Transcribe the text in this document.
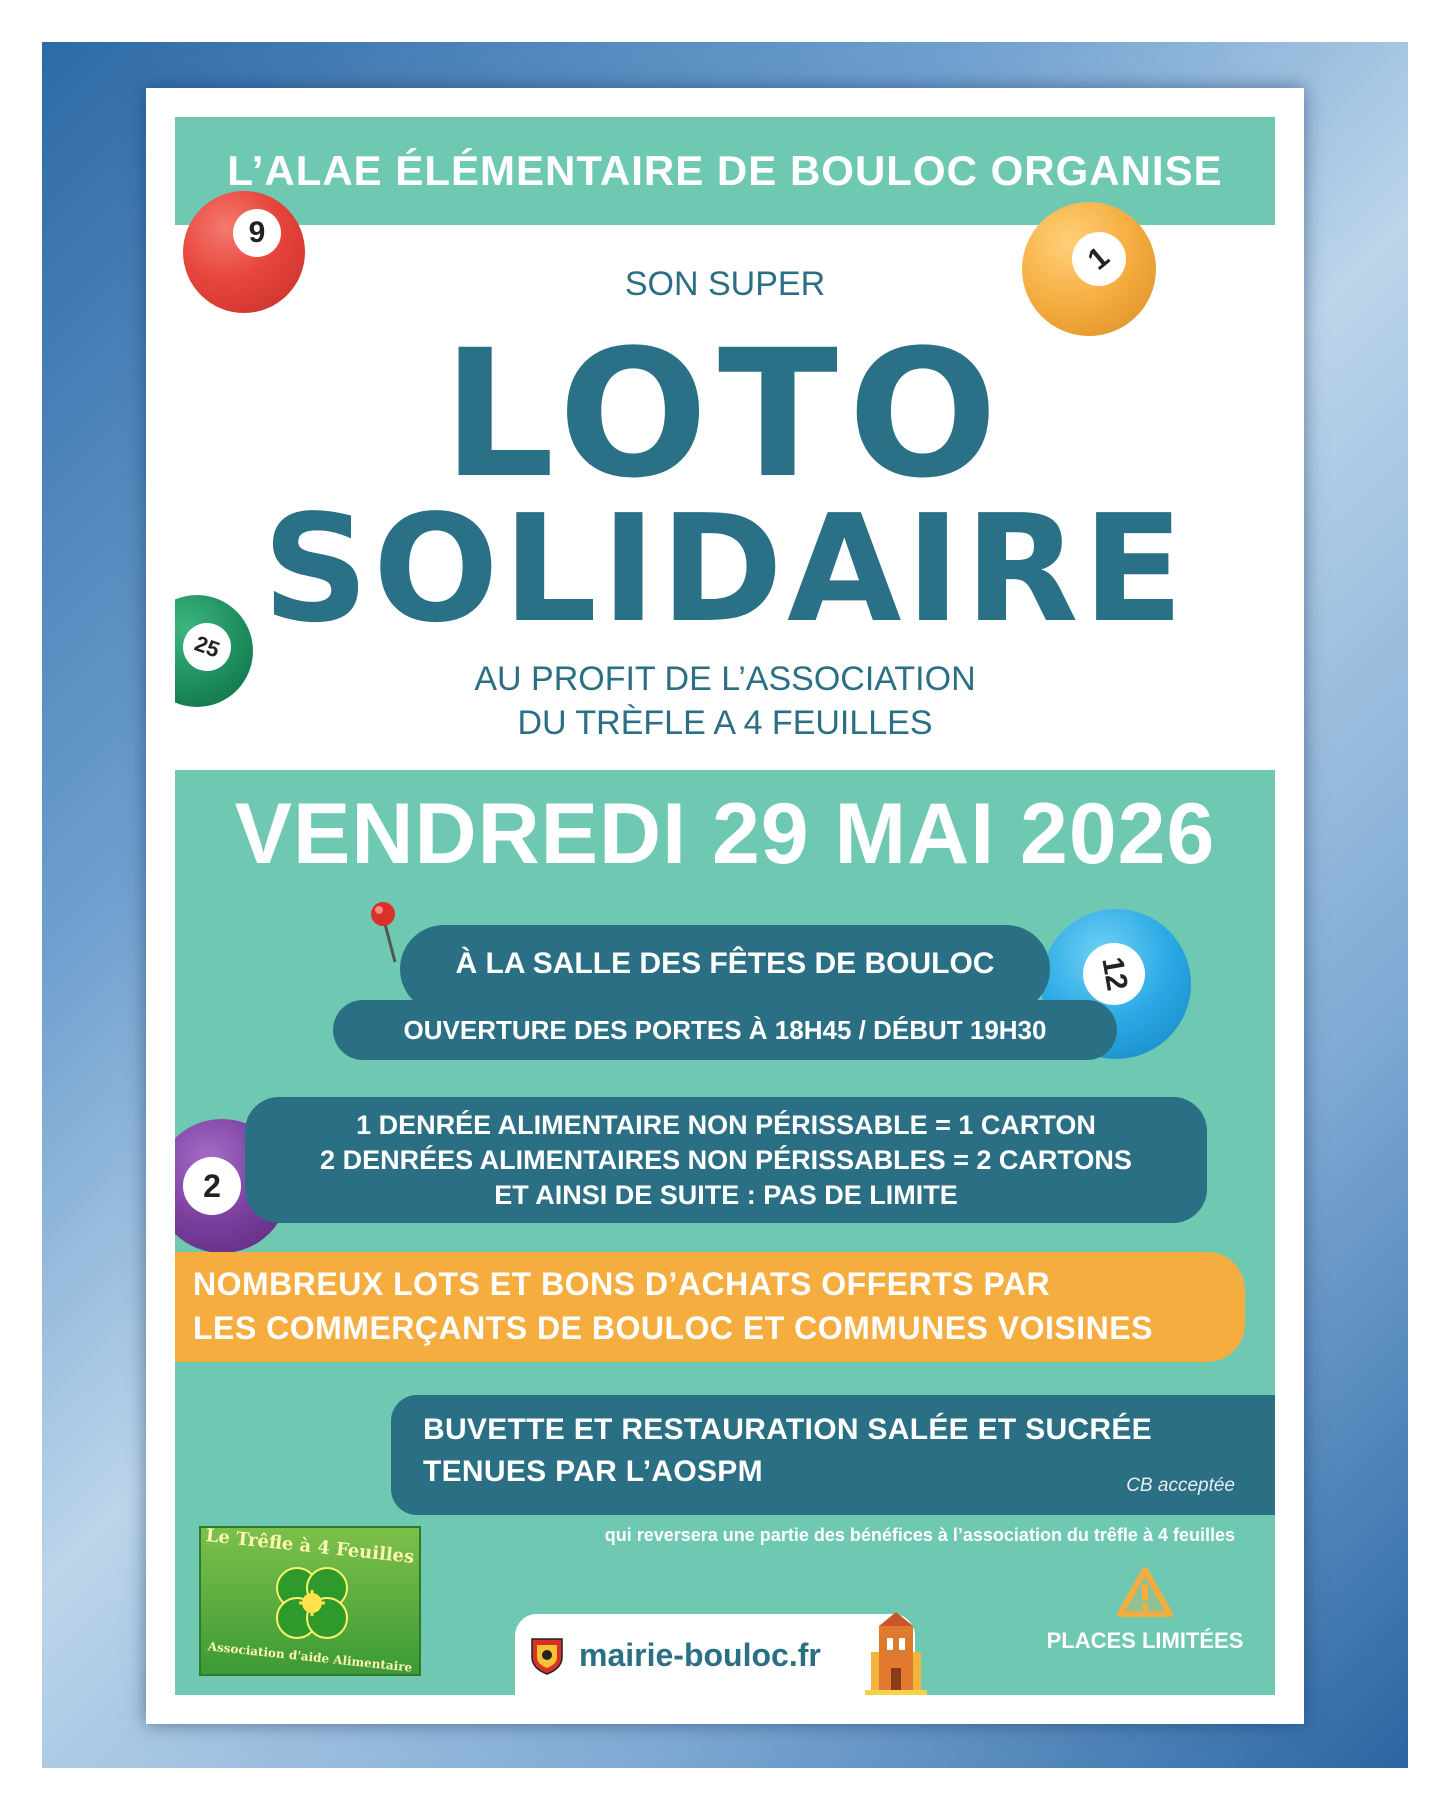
L’ALAE ÉLÉMENTAIRE DE BOULOC ORGANISE
9
1
SON SUPER
LOTO
SOLIDAIRE
25
AU PROFIT DE L’ASSOCIATION
DU TRÈFLE A 4 FEUILLES
VENDREDI 29 MAI 2026
12
À LA SALLE DES FÊTES DE BOULOC
OUVERTURE DES PORTES À 18H45 / DÉBUT 19H30
2
1 DENRÉE ALIMENTAIRE NON PÉRISSABLE = 1 CARTON
2 DENRÉES ALIMENTAIRES NON PÉRISSABLES = 2 CARTONS
ET AINSI DE SUITE : PAS DE LIMITE
NOMBREUX LOTS ET BONS D’ACHATS OFFERTS PAR
LES COMMERÇANTS DE BOULOC ET COMMUNES VOISINES
BUVETTE ET RESTAURATION SALÉE ET SUCRÉE
TENUES PAR L’AOSPM	CB acceptée
qui reversera une partie des bénéfices à l’association du trêfle à 4 feuilles
Le Trêfle à 4 Feuilles
Association d'aide Alimentaire	mairie-bouloc.fr	PLACES LIMITÉES
